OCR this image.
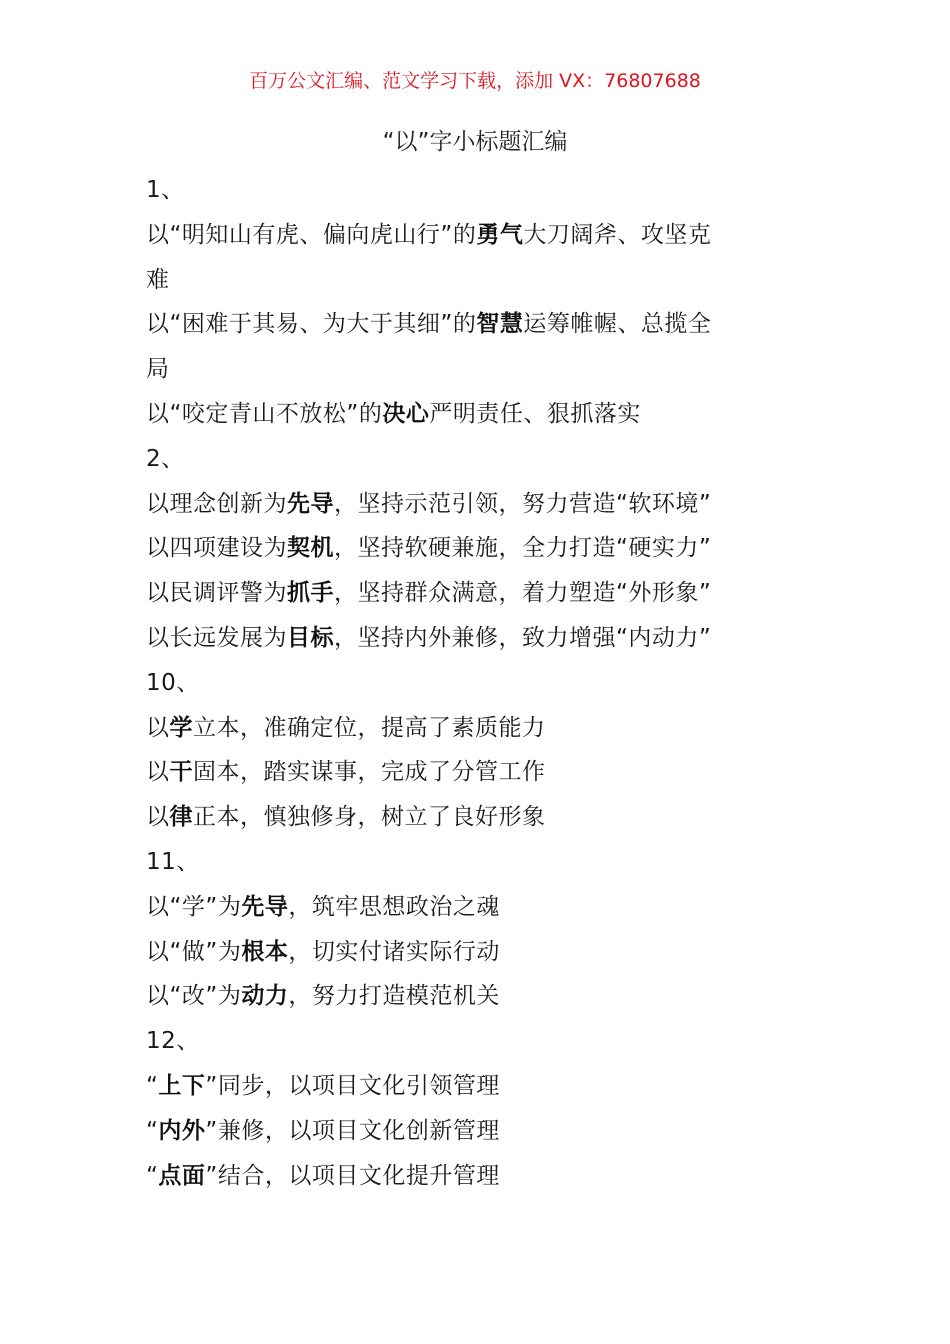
百万公文汇编、范文学习下载，添加 VX：76807688
“以”字小标题汇编
1、
以“明知山有虎、偏向虎山行”的勇气大刀阔斧、攻坚克
难
以“困难于其易、为大于其细”的智慧运筹帷幄、总揽全
局
以“咬定青山不放松”的决心严明责任、狠抓落实
2、
以理念创新为先导，坚持示范引领，努力营造“软环境”
以四项建设为契机，坚持软硬兼施，全力打造“硬实力”
以民调评警为抓手，坚持群众满意，着力塑造“外形象”
以长远发展为目标，坚持内外兼修，致力增强“内动力”
10、
以学立本，准确定位，提高了素质能力
以干固本，踏实谋事，完成了分管工作
以律正本，慎独修身，树立了良好形象
11、
以“学”为先导，筑牢思想政治之魂
以“做”为根本，切实付诸实际行动
以“改”为动力，努力打造模范机关
12、
“上下”同步，以项目文化引领管理
“内外”兼修，以项目文化创新管理
“点面”结合，以项目文化提升管理
